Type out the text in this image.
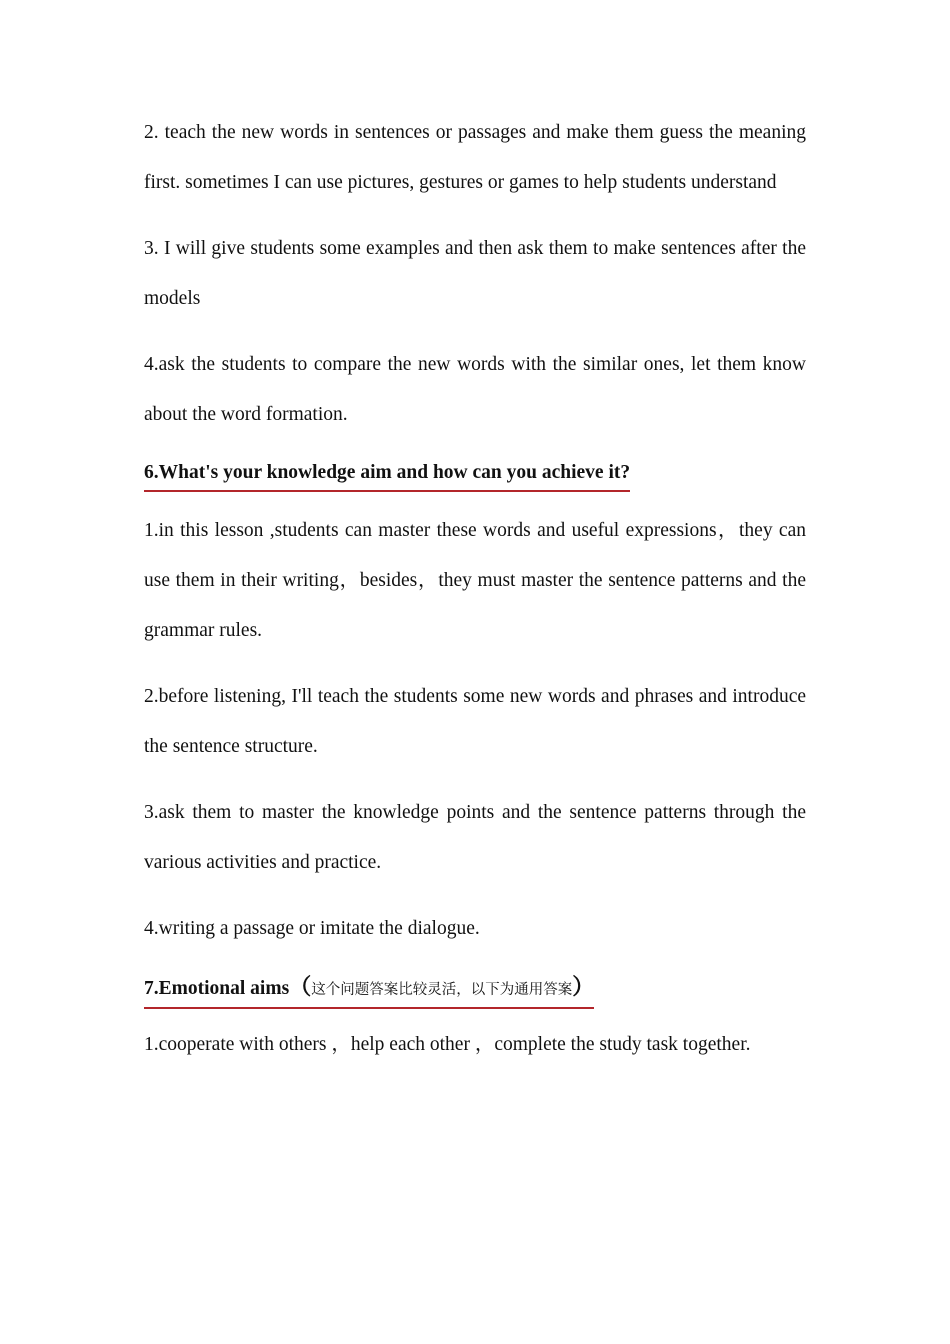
2. teach the new words in sentences or passages and make them guess the meaning first. sometimes I can use pictures, gestures or games to help students understand

3. I will give students some examples and then ask them to make sentences after the models

4.ask the students to compare the new words with the similar ones, let them know about the word formation.

6.What's your knowledge aim and how can you achieve it?

1.in this lesson ,students can master these words and useful expressions，they can use them in their writing，besides，they must master the sentence patterns and the grammar rules.

2.before listening, I'll teach the students some new words and phrases and introduce the sentence structure.

3.ask them to master the knowledge points and the sentence patterns through the various activities and practice.

4.writing a passage or imitate the dialogue.

7.Emotional aims（这个问题答案比较灵活，以下为通用答案）

1.cooperate with others ，help each other ，complete the study task together.
